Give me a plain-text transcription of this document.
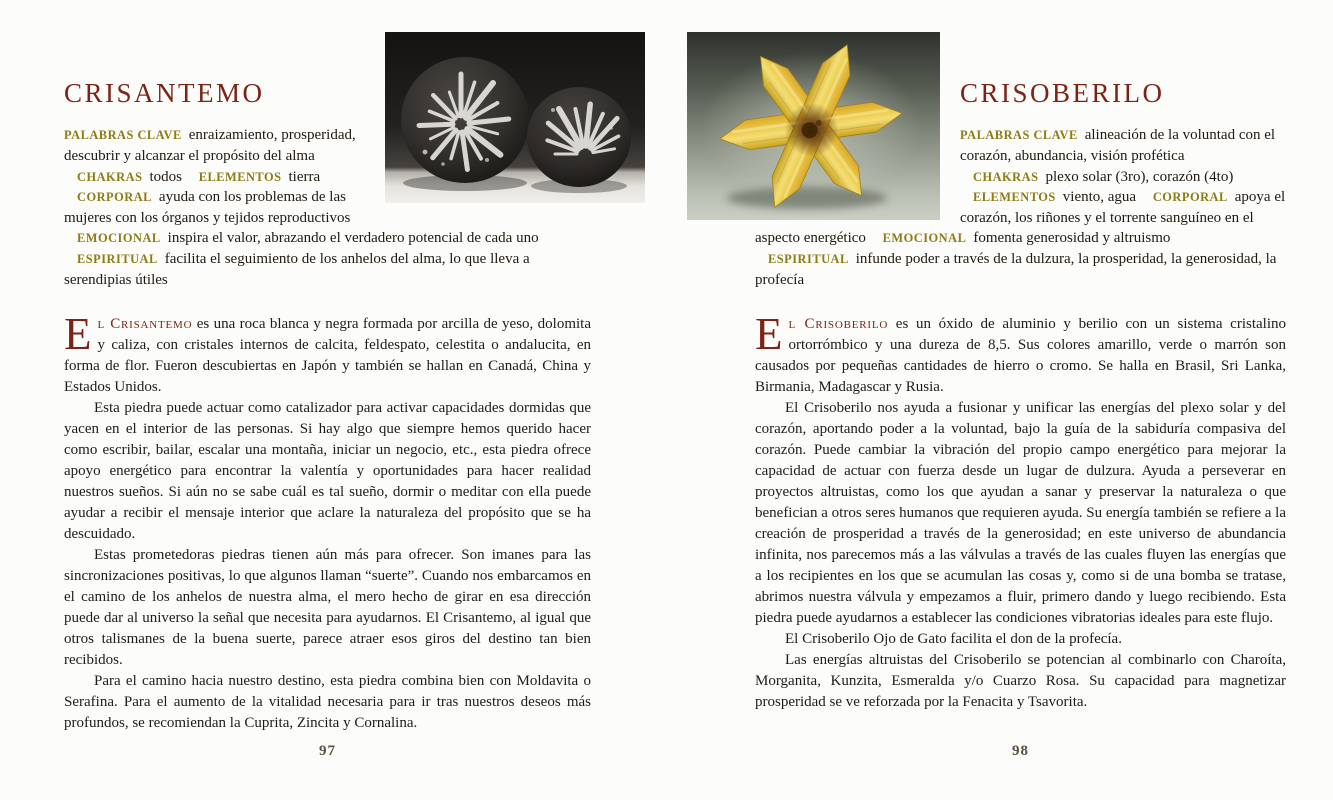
CRISANTEMO

PALABRAS CLAVE enraizamiento, prosperidad, descubrir y alcanzar el propósito del alma CHAKRAS todos ELEMENTOS tierra CORPORAL ayuda con los problemas de las mujeres con los órganos y tejidos reproductivos EMOCIONAL inspira el valor, abrazando el verdadero potencial de cada uno ESPIRITUAL facilita el seguimiento de los anhelos del alma, lo que lleva a serendipias útiles

El Crisantemo es una roca blanca y negra formada por arcilla de yeso, dolomita y caliza, con cristales internos de calcita, feldespato, celestita o andalucita, en forma de flor. Fueron descubiertas en Japón y también se hallan en Canadá, China y Estados Unidos.

Esta piedra puede actuar como catalizador para activar capacidades dormidas que yacen en el interior de las personas. Si hay algo que siempre hemos querido hacer como escribir, bailar, escalar una montaña, iniciar un negocio, etc., esta piedra ofrece apoyo energético para encontrar la valentía y oportunidades para hacer realidad nuestros sueños. Si aún no se sabe cuál es tal sueño, dormir o meditar con ella puede ayudar a recibir el mensaje interior que aclare la naturaleza del propósito que se ha descuidado.

Estas prometedoras piedras tienen aún más para ofrecer. Son imanes para las sincronizaciones positivas, lo que algunos llaman “suerte”. Cuando nos embarcamos en el camino de los anhelos de nuestra alma, el mero hecho de girar en esa dirección puede dar al universo la señal que necesita para ayudarnos. El Crisantemo, al igual que otros talismanes de la buena suerte, parece atraer esos giros del destino tan bien recibidos.

Para el camino hacia nuestro destino, esta piedra combina bien con Moldavita o Serafina. Para el aumento de la vitalidad necesaria para ir tras nuestros deseos más profundos, se recomiendan la Cuprita, Zincita y Cornalina.

97
CRISOBERILO

PALABRAS CLAVE alineación de la voluntad con el corazón, abundancia, visión profética CHAKRAS plexo solar (3ro), corazón (4to) ELEMENTOS viento, agua CORPORAL apoya el corazón, los riñones y el torrente sanguíneo en el aspecto energético EMOCIONAL fomenta generosidad y altruismo ESPIRITUAL infunde poder a través de la dulzura, la prosperidad, la generosidad, la profecía

El Crisoberilo es un óxido de aluminio y berilio con un sistema cristalino ortorrómbico y una dureza de 8,5. Sus colores amarillo, verde o marrón son causados por pequeñas cantidades de hierro o cromo. Se halla en Brasil, Sri Lanka, Birmania, Madagascar y Rusia.

El Crisoberilo nos ayuda a fusionar y unificar las energías del plexo solar y del corazón, aportando poder a la voluntad, bajo la guía de la sabiduría compasiva del corazón. Puede cambiar la vibración del propio campo energético para mejorar la capacidad de actuar con fuerza desde un lugar de dulzura. Ayuda a perseverar en proyectos altruistas, como los que ayudan a sanar y preservar la naturaleza o que benefician a otros seres humanos que requieren ayuda. Su energía también se refiere a la creación de prosperidad a través de la generosidad; en este universo de abundancia infinita, nos parecemos más a las válvulas a través de las cuales fluyen las energías que a los recipientes en los que se acumulan las cosas y, como si de una bomba se tratase, abrimos nuestra válvula y empezamos a fluir, primero dando y luego recibiendo. Esta piedra puede ayudarnos a establecer las condiciones vibratorias ideales para este flujo.

El Crisoberilo Ojo de Gato facilita el don de la profecía.

Las energías altruistas del Crisoberilo se potencian al combinarlo con Charoíta, Morganita, Kunzita, Esmeralda y/o Cuarzo Rosa. Su capacidad para magnetizar prosperidad se ve reforzada por la Fenacita y Tsavorita.

98
